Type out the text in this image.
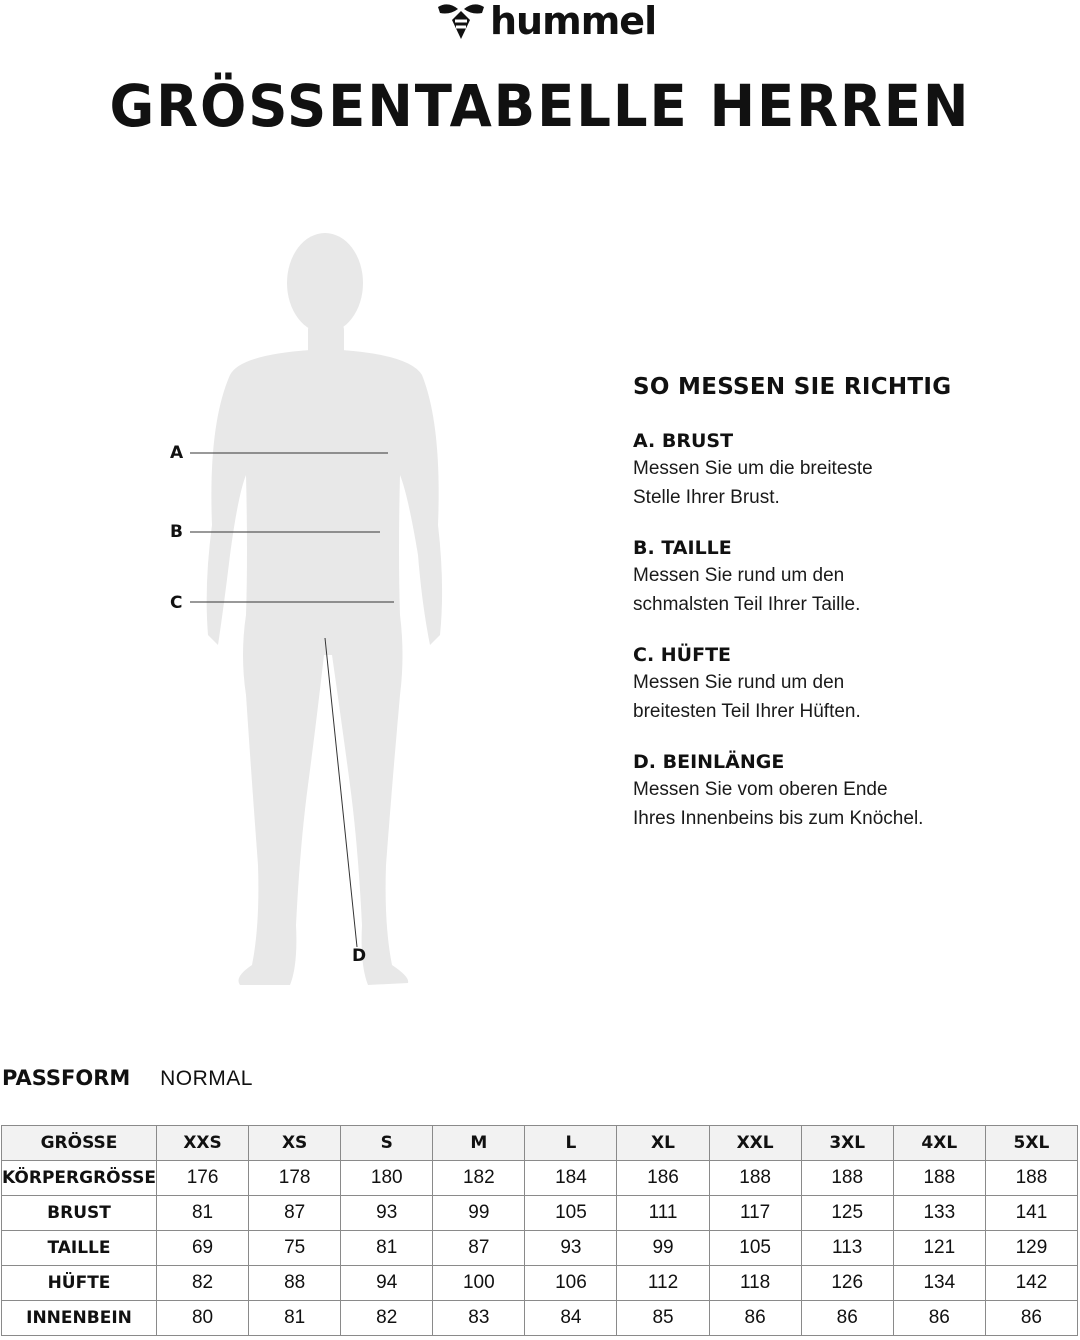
hummel
GRÖSSENTABELLE HERREN
A
B
C
D
SO MESSEN SIE RICHTIG
A. BRUST
Messen Sie um die breiteste
Stelle Ihrer Brust.
B. TAILLE
Messen Sie rund um den
schmalsten Teil Ihrer Taille.
C. HÜFTE
Messen Sie rund um den
breitesten Teil Ihrer Hüften.
D. BEINLÄNGE
Messen Sie vom oberen Ende
Ihres Innenbeins bis zum Knöchel.
PASSFORM NORMAL
GRÖSSE	XXS	XS	S	M	L	XL	XXL	3XL	4XL	5XL
KÖRPERGRÖSSE	176	178	180	182	184	186	188	188	188	188
BRUST	81	87	93	99	105	111	117	125	133	141
TAILLE	69	75	81	87	93	99	105	113	121	129
HÜFTE	82	88	94	100	106	112	118	126	134	142
INNENBEIN	80	81	82	83	84	85	86	86	86	86
